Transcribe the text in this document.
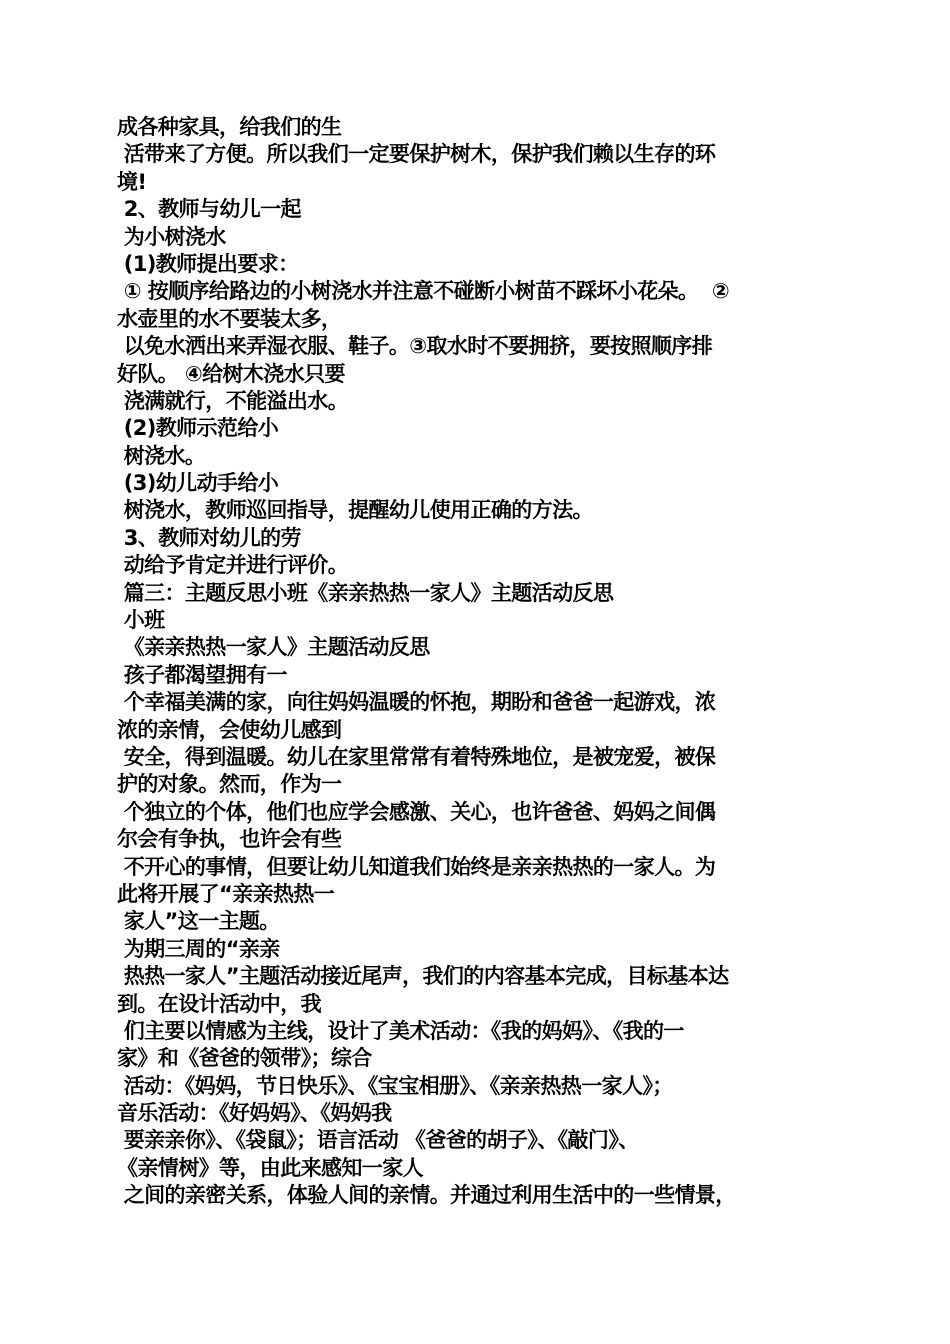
成各种家具，给我们的生
活带来了方便。所以我们一定要保护树木，保护我们赖以生存的环
境!
2、教师与幼儿一起
为小树浇水
(1)教师提出要求：
① 按顺序给路边的小树浇水并注意不碰断小树苗不踩坏小花朵。  ②
水壶里的水不要装太多，
以免水洒出来弄湿衣服、鞋子。③取水时不要拥挤，要按照顺序排
好队。 ④给树木浇水只要
浇满就行，不能溢出水。
(2)教师示范给小
树浇水。
(3)幼儿动手给小
树浇水，教师巡回指导，提醒幼儿使用正确的方法。
3、教师对幼儿的劳
动给予肯定并进行评价。
篇三：主题反思小班《亲亲热热一家人》主题活动反思
小班
《亲亲热热一家人》主题活动反思
孩子都渴望拥有一
个幸福美满的家，向往妈妈温暖的怀抱，期盼和爸爸一起游戏，浓
浓的亲情，会使幼儿感到
安全，得到温暖。幼儿在家里常常有着特殊地位，是被宠爱，被保
护的对象。然而，作为一
个独立的个体，他们也应学会感激、关心，也许爸爸、妈妈之间偶
尔会有争执，也许会有些
不开心的事情，但要让幼儿知道我们始终是亲亲热热的一家人。为
此将开展了“亲亲热热一
家人”这一主题。
为期三周的“亲亲
热热一家人”主题活动接近尾声，我们的内容基本完成，目标基本达
到。在设计活动中，我
们主要以情感为主线，设计了美术活动：《我的妈妈》、《我的一
家》和《爸爸的领带》；综合
活动：《妈妈，节日快乐》、《宝宝相册》、《亲亲热热一家人》；
音乐活动：《好妈妈》、《妈妈我
要亲亲你》、《袋鼠》；语言活动 《爸爸的胡子》、《敲门》、
《亲情树》等，由此来感知一家人
之间的亲密关系，体验人间的亲情。并通过利用生活中的一些情景，
